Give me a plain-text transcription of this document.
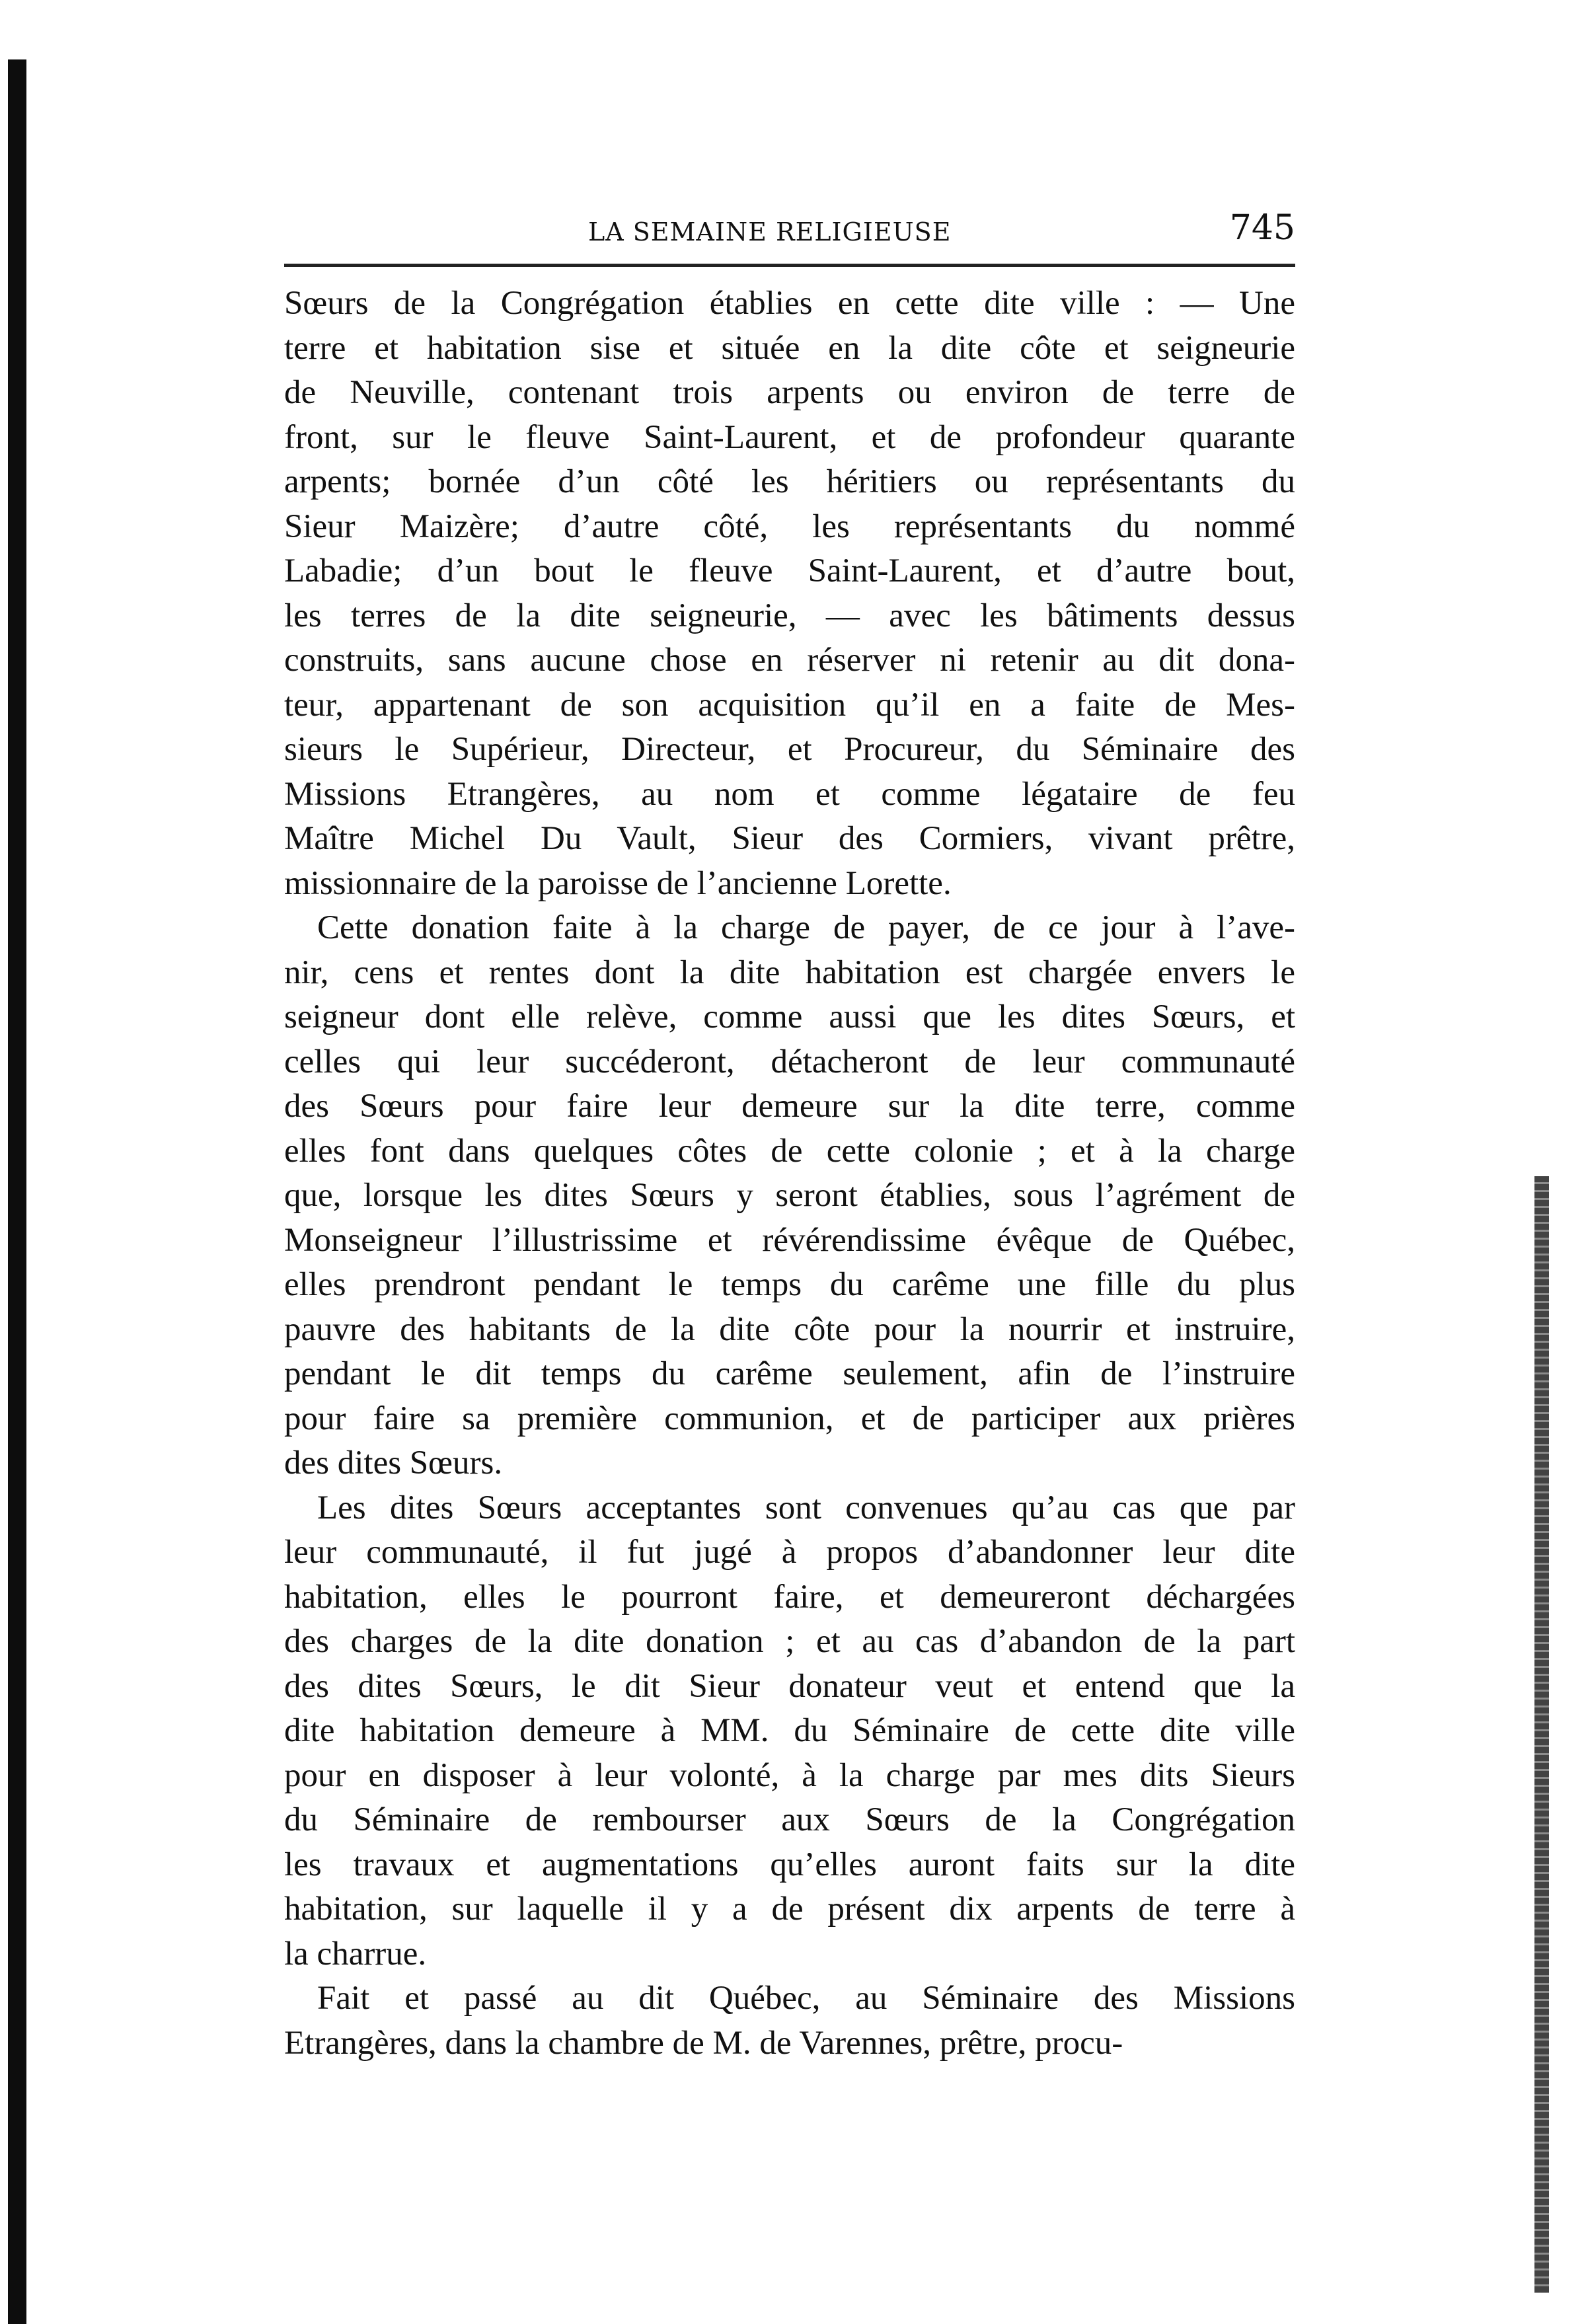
LA SEMAINE RELIGIEUSE	745
Sœurs de la Congrégation établies en cette dite ville : — Une
terre et habitation sise et située en la dite côte et seigneurie
de Neuville, contenant trois arpents ou environ de terre de
front, sur le fleuve Saint-Laurent, et de profondeur quarante
arpents; bornée d’un côté les héritiers ou représentants du
Sieur Maizère; d’autre côté, les représentants du nommé
Labadie; d’un bout le fleuve Saint-Laurent, et d’autre bout,
les terres de la dite seigneurie, — avec les bâtiments dessus
construits, sans aucune chose en réserver ni retenir au dit dona-
teur, appartenant de son acquisition qu’il en a faite de Mes-
sieurs le Supérieur, Directeur, et Procureur, du Séminaire des
Missions Etrangères, au nom et comme légataire de feu
Maître Michel Du Vault, Sieur des Cormiers, vivant prêtre,
missionnaire de la paroisse de l’ancienne Lorette.
Cette donation faite à la charge de payer, de ce jour à l’ave-
nir, cens et rentes dont la dite habitation est chargée envers le
seigneur dont elle relève, comme aussi que les dites Sœurs, et
celles qui leur succéderont, détacheront de leur communauté
des Sœurs pour faire leur demeure sur la dite terre, comme
elles font dans quelques côtes de cette colonie ; et à la charge
que, lorsque les dites Sœurs y seront établies, sous l’agrément de
Monseigneur l’illustrissime et révérendissime évêque de Québec,
elles prendront pendant le temps du carême une fille du plus
pauvre des habitants de la dite côte pour la nourrir et instruire,
pendant le dit temps du carême seulement, afin de l’instruire
pour faire sa première communion, et de participer aux prières
des dites Sœurs.
Les dites Sœurs acceptantes sont convenues qu’au cas que par
leur communauté, il fut jugé à propos d’abandonner leur dite
habitation, elles le pourront faire, et demeureront déchargées
des charges de la dite donation ; et au cas d’abandon de la part
des dites Sœurs, le dit Sieur donateur veut et entend que la
dite habitation demeure à MM. du Séminaire de cette dite ville
pour en disposer à leur volonté, à la charge par mes dits Sieurs
du Séminaire de rembourser aux Sœurs de la Congrégation
les travaux et augmentations qu’elles auront faits sur la dite
habitation, sur laquelle il y a de présent dix arpents de terre à
la charrue.
Fait et passé au dit Québec, au Séminaire des Missions
Etrangères, dans la chambre de M. de Varennes, prêtre, procu-
